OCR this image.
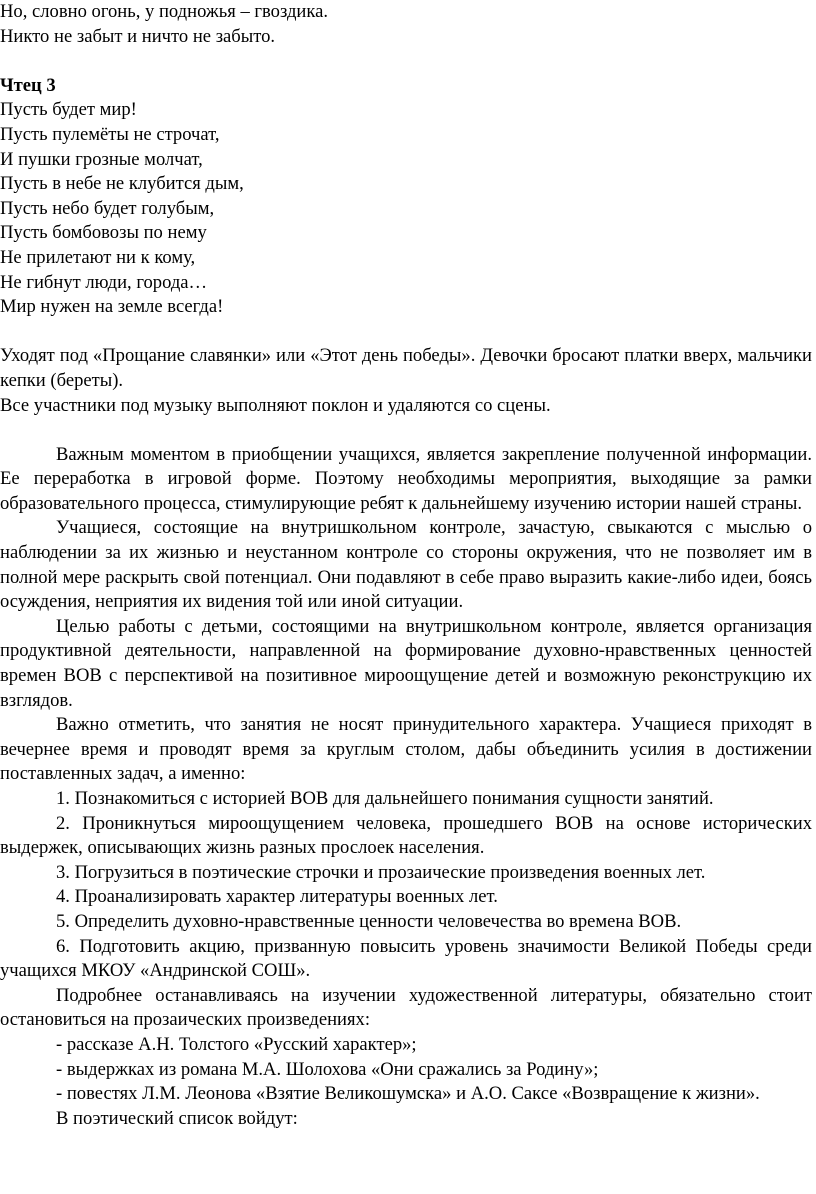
Но, словно огонь, у подножья – гвоздика.
Никто не забыт и ничто не забыто.
Чтец 3
Пусть будет мир!
Пусть пулемёты не строчат,
И пушки грозные молчат,
Пусть в небе не клубится дым,
Пусть небо будет голубым,
Пусть бомбовозы по нему
Не прилетают ни к кому,
Не гибнут люди, города…
Мир нужен на земле всегда!

Уходят под «Прощание славянки» или «Этот день победы». Девочки бросают платки вверх, мальчики кепки (береты).

Все участники под музыку выполняют поклон и удаляются со сцены.

Важным моментом в приобщении учащихся, является закрепление полученной информации. Ее переработка в игровой форме. Поэтому необходимы мероприятия, выходящие за рамки образовательного процесса, стимулирующие ребят к дальнейшему изучению истории нашей страны.

Учащиеся, состоящие на внутришкольном контроле, зачастую, свыкаются с мыслью о наблюдении за их жизнью и неустанном контроле со стороны окружения, что не позволяет им в полной мере раскрыть свой потенциал. Они подавляют в себе право выразить какие-либо идеи, боясь осуждения, неприятия их видения той или иной ситуации.

Целью работы с детьми, состоящими на внутришкольном контроле, является организация продуктивной деятельности, направленной на формирование духовно-нравственных ценностей времен ВОВ с перспективой на позитивное мироощущение детей и возможную реконструкцию их взглядов.

Важно отметить, что занятия не носят принудительного характера. Учащиеся приходят в вечернее время и проводят время за круглым столом, дабы объединить усилия в достижении поставленных задач, а именно:

1. Познакомиться с историей ВОВ для дальнейшего понимания сущности занятий.

2. Проникнуться мироощущением человека, прошедшего ВОВ на основе исторических выдержек, описывающих жизнь разных прослоек населения.

3. Погрузиться в поэтические строчки и прозаические произведения военных лет.

4. Проанализировать характер литературы военных лет.

5. Определить духовно-нравственные ценности человечества во времена ВОВ.

6. Подготовить акцию, призванную повысить уровень значимости Великой Победы среди учащихся МКОУ «Андринской СОШ».

Подробнее останавливаясь на изучении художественной литературы, обязательно стоит остановиться на прозаических произведениях:

- рассказе А.Н. Толстого «Русский характер»;

- выдержках из романа М.А. Шолохова «Они сражались за Родину»;

- повестях Л.М. Леонова «Взятие Великошумска» и А.О. Саксе «Возвращение к жизни».

В поэтический список войдут:
